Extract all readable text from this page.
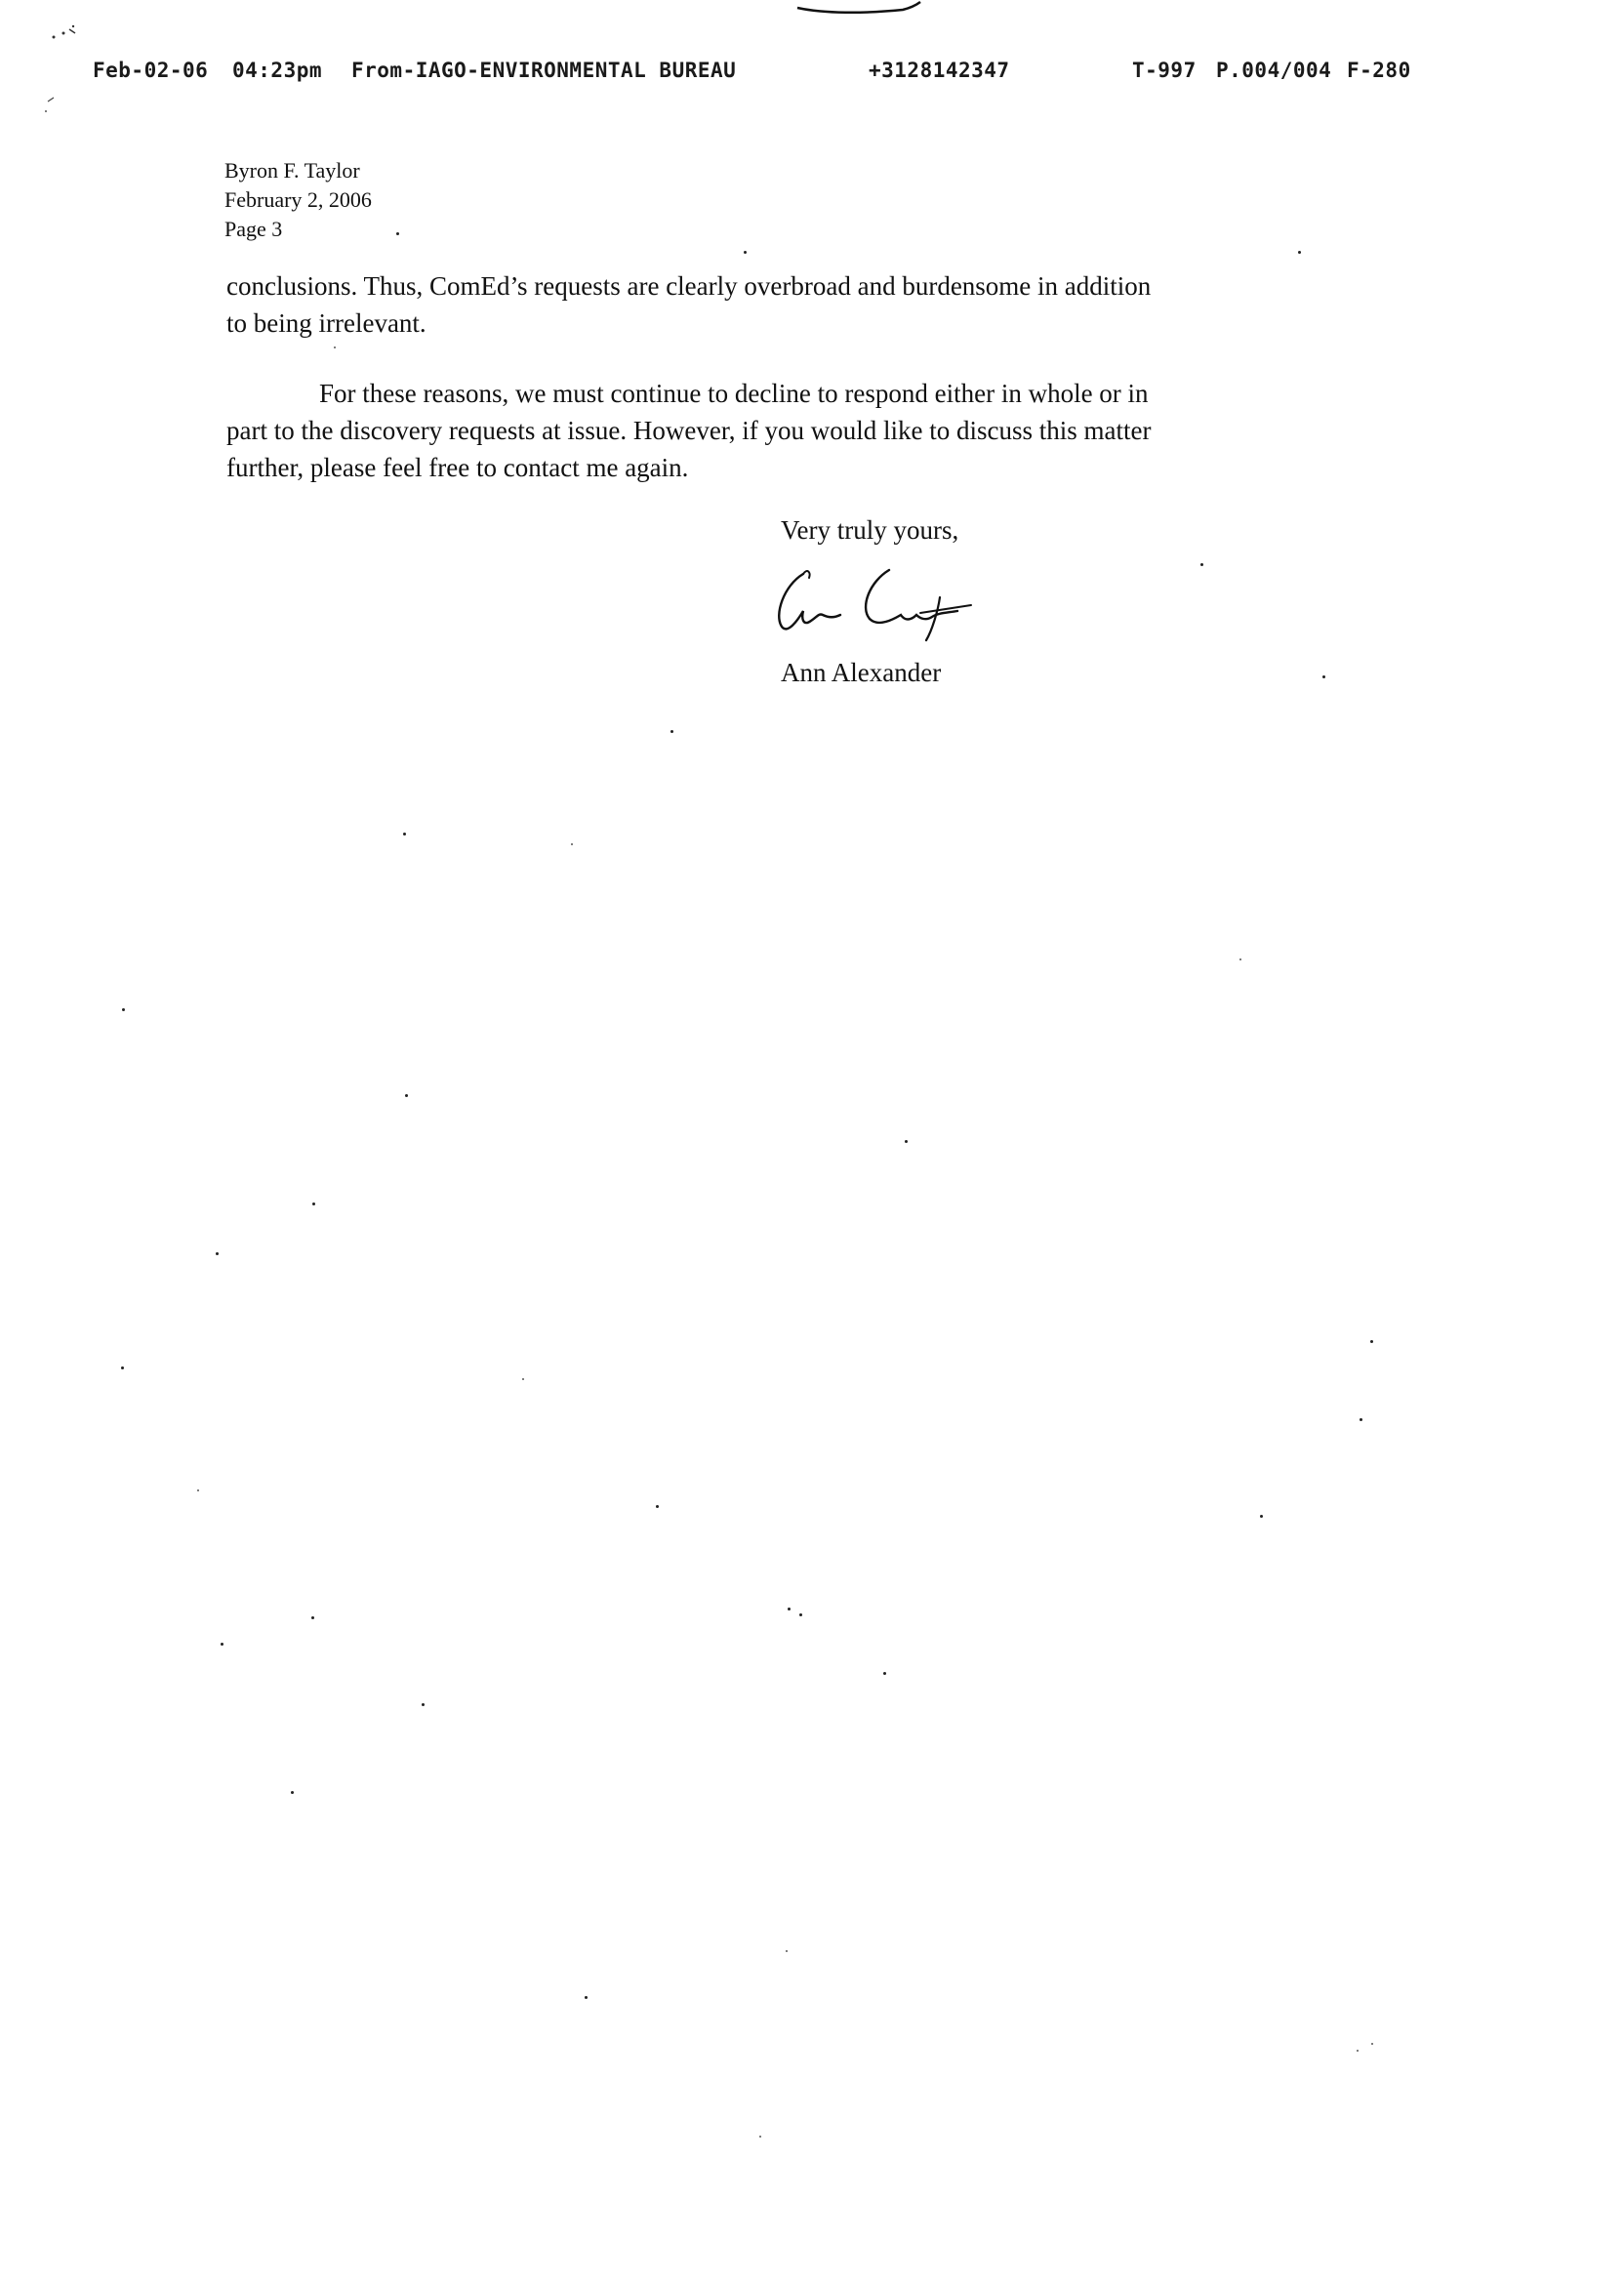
Feb-02-06 04:23pm From-IAGO-ENVIRONMENTAL BUREAU	+3128142347	T-997 P.004/004 F-280
Byron F. Taylor
February 2, 2006
Page 3
conclusions. Thus, ComEd’s requests are clearly overbroad and burdensome in addition
to being irrelevant.
For these reasons, we must continue to decline to respond either in whole or in
part to the discovery requests at issue. However, if you would like to discuss this matter
further, please feel free to contact me again.
Very truly yours,
Ann Alexander
